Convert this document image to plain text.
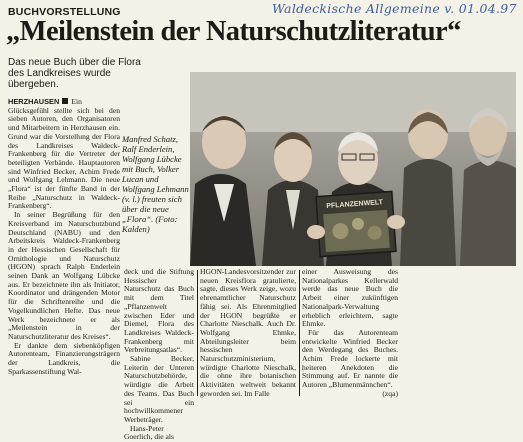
BUCHVORSTELLUNG	Waldeckische Allgemeine v. 01.04.97
„Meilenstein der Naturschutzliteratur“
Das neue Buch über die Flora des Landkreises wurde übergeben.

HERZHAUSEN Ein Glücksgefühl stellte sich bei den sieben Autoren, den Organisatoren und Mitarbeitern in Herzhausen ein. Grund war die Vorstellung der Flora des Landkreises Waldeck-Frankenberg für die Vertreter der beteiligten Verbände. Hauptautoren sind Winfried Becker, Achim Frede und Wolfgang Lehmann. Die neue „Flora“ ist der fünfte Band in der Reihe „Naturschutz in Waldeck-Frankenberg“.

In seiner Begrüßung für den Kreisverband im Naturschutzbund Deutschland (NABU) und den Arbeitskreis Waldeck-Frankenberg in der Hessischen Gesellschaft für Ornithologie und Naturschutz (HGON) sprach Ralph Enderlein seinen Dank an Wolfgang Lübcke aus. Er bezeichnete ihn als Initiator, Koordinator und drängenden Motor für die Schriftenreihe und die Vogelkundlichen Hefte. Das neue Werk bezeichnete er als „Meilenstein in der Naturschutzliteratur des Kreises“.

Er dankte dem siebenköpfigen Autorenteam, Finanzierungsträgern der Landkreis, die Sparkassenstiftung Wal-

Manfred Schatz, Ralf Enderlein, Wolfgang Lübcke mit Buch, Volker Lucan und Wolfgang Lehmann (v. l.) freuten sich über die neue „Flora“. (Foto: Kalden)
PFLANZENWELT

deck und die Stiftung Hessischer Naturschutz das Buch mit dem Titel „Pflanzenwelt zwischen Eder und Diemel, Flora des Landkreises Waldeck-Frankenberg mit Verbreitungsatlas“.

Sabine Becker, Leiterin der Unteren Naturschutzbehörde, würdigte die Arbeit des Teams. Das Buch sei ein hochwillkommener Werbeträger.

Hans-Peter Goerlich, die als

HGON-Landesvorsitzender zur neuen Kreisflora gratulierte, sagte, dieses Werk zeige, wozu ehrenamtlicher Naturschutz fähig sei. Als Ehrenmitglied der HGON begrüßte er Charlotte Nieschalk. Auch Dr. Wolfgang Ehmke, Abteilungsleiter beim hessischen Naturschutzministerium, würdigte Charlotte Nieschalk, die ohne ihre botanischen Aktivitäten weltweit bekannt geworden sei. Im Falle

einer Ausweisung des Nationalparkes Kellerwald werde das neue Buch die Arbeit einer zukünftigen Nationalpark-Verwaltung erheblich erleichtern, sagte Ehmke.

Für das Autorenteam entwickelte Winfried Becker den Werdegang des Buches. Achim Frede lockerte mit heiteren Anekdoten die Stimmung auf. Er nannte die Autoren „Blumenmännchen“.

(zqa)
